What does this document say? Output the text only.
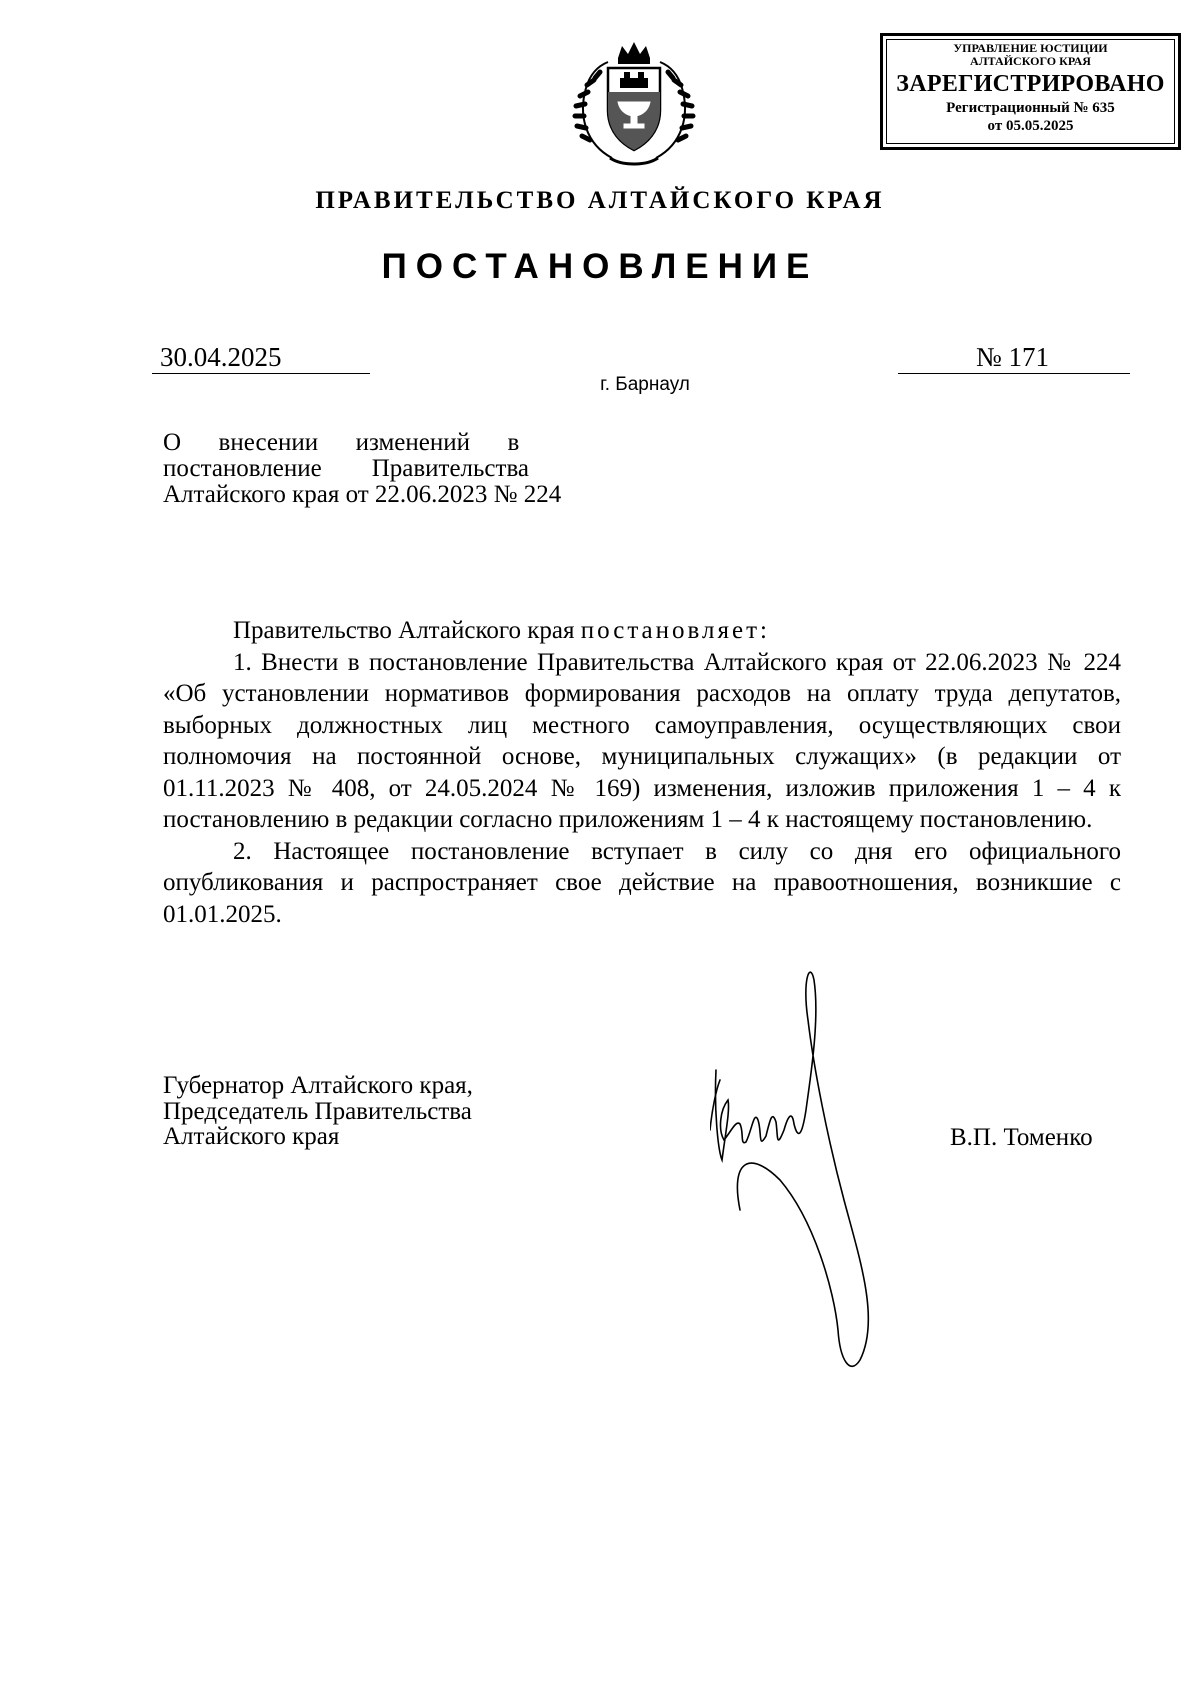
УПРАВЛЕНИЕ ЮСТИЦИИ
АЛТАЙСКОГО КРАЯ
ЗАРЕГИСТРИРОВАНО
Регистрационный № 635
от 05.05.2025
ПРАВИТЕЛЬСТВО АЛТАЙСКОГО КРАЯ
ПОСТАНОВЛЕНИЕ
30.04.2025	№ 171
г. Барнаул
О      внесении      изменений      в
постановление        Правительства
Алтайского края от 22.06.2023 № 224

Правительство Алтайского края постановляет:

1. Внести в постановление Правительства Алтайского края от 22.06.2023 № 224 «Об установлении нормативов формирования расходов на оплату труда депутатов, выборных должностных лиц местного самоуправления, осуществляющих свои полномочия на постоянной основе, муниципальных служащих» (в редакции от 01.11.2023 № 408, от 24.05.2024 № 169) изменения, изложив приложения 1 – 4 к постановлению в редакции согласно приложениям 1 – 4 к настоящему постановлению.

2. Настоящее постановление вступает в силу со дня его официального опубликования и распространяет свое действие на правоотношения, возникшие с 01.01.2025.

Губернатор Алтайского края,
Председатель Правительства
Алтайского края	В.П. Томенко
